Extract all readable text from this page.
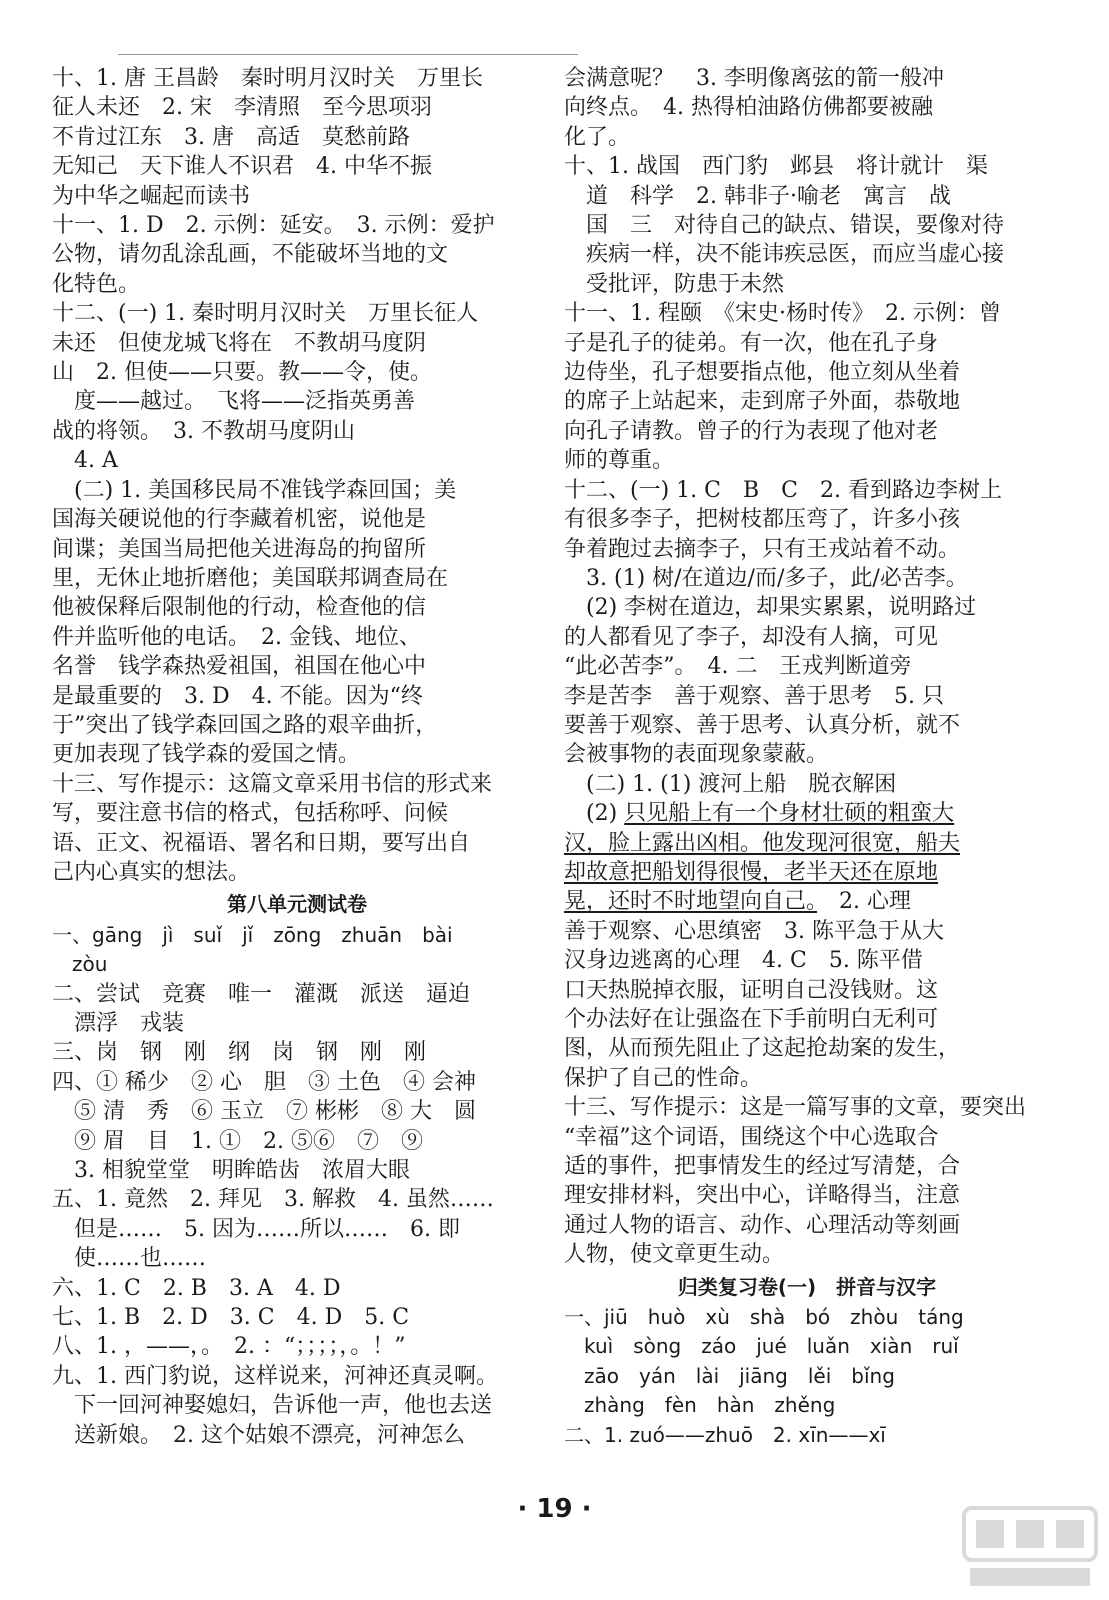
十、1. 唐 王昌龄　秦时明月汉时关　万里长
征人未还　2. 宋　李清照　至今思项羽
不肯过江东　3. 唐　高适　莫愁前路
无知己　天下谁人不识君　4. 中华不振
为中华之崛起而读书
十一、1. D　2. 示例：延安。　3. 示例：爱护
公物，请勿乱涂乱画，不能破坏当地的文
化特色。
十二、(一) 1. 秦时明月汉时关　万里长征人
未还　但使龙城飞将在　不教胡马度阴
山　2. 但使——只要。教——令，使。
　度——越过。　飞将——泛指英勇善
战的将领。　3. 不教胡马度阴山
　4. A
　(二) 1. 美国移民局不准钱学森回国；美
国海关硬说他的行李藏着机密，说他是
间谍；美国当局把他关进海岛的拘留所
里，无休止地折磨他；美国联邦调查局在
他被保释后限制他的行动，检查他的信
件并监听他的电话。　2. 金钱、地位、
名誉　钱学森热爱祖国，祖国在他心中
是最重要的　3. D　4. 不能。因为“终
于”突出了钱学森回国之路的艰辛曲折，
更加表现了钱学森的爱国之情。
十三、写作提示：这篇文章采用书信的形式来
写，要注意书信的格式，包括称呼、问候
语、正文、祝福语、署名和日期，要写出自
己内心真实的想法。
第八单元测试卷
一、gāng　jì　suǐ　jǐ　zōng　zhuān　bài
　zòu
二、尝试　竞赛　唯一　灌溉　派送　逼迫
　漂浮　戎装
三、岗　钢　刚　纲　岗　钢　刚　刚
四、① 稀少　② 心　胆　③ 土色　④ 会神
　⑤ 清　秀　⑥ 玉立　⑦ 彬彬　⑧ 大　圆
　⑨ 眉　目　1. ①　2. ⑤⑥　⑦　⑨
　3. 相貌堂堂　明眸皓齿　浓眉大眼
五、1. 竟然　2. 拜见　3. 解救　4. 虽然……
　但是……　5. 因为……所以……　6. 即
　使……也……
六、1. C　2. B　3. A　4. D
七、1. B　2. D　3. C　4. D　5. C
八、1. ，——，。　2. ：“；；；；，。！”
九、1. 西门豹说，这样说来，河神还真灵啊。
　下一回河神娶媳妇，告诉他一声，他也去送
　送新娘。　2. 这个姑娘不漂亮，河神怎么
会满意呢？　3. 李明像离弦的箭一般冲
向终点。　4. 热得柏油路仿佛都要被融
化了。
十、1. 战国　西门豹　邺县　将计就计　渠
　道　科学　2. 韩非子·喻老　寓言　战
　国　三　对待自己的缺点、错误，要像对待
　疾病一样，决不能讳疾忌医，而应当虚心接
　受批评，防患于未然
十一、1. 程颐　《宋史·杨时传》　2. 示例：曾
子是孔子的徒弟。有一次，他在孔子身
边侍坐，孔子想要指点他，他立刻从坐着
的席子上站起来，走到席子外面，恭敬地
向孔子请教。曾子的行为表现了他对老
师的尊重。
十二、(一) 1. C　B　C　2. 看到路边李树上
有很多李子，把树枝都压弯了，许多小孩
争着跑过去摘李子，只有王戎站着不动。
　3. (1) 树/在道边/而/多子，此/必苦李。
　(2) 李树在道边，却果实累累，说明路过
的人都看见了李子，却没有人摘，可见
“此必苦李”。　4. 二　王戎判断道旁
李是苦李　善于观察、善于思考　5. 只
要善于观察、善于思考、认真分析，就不
会被事物的表面现象蒙蔽。
　(二) 1. (1) 渡河上船　脱衣解困
　(2) 只见船上有一个身材壮硕的粗蛮大
汉，脸上露出凶相。他发现河很宽，船夫
却故意把船划得很慢，老半天还在原地
晃，还时不时地望向自己。　2. 心理
善于观察、心思缜密　3. 陈平急于从大
汉身边逃离的心理　4. C　5. 陈平借
口天热脱掉衣服，证明自己没钱财。这
个办法好在让强盗在下手前明白无利可
图，从而预先阻止了这起抢劫案的发生，
保护了自己的性命。
十三、写作提示：这是一篇写事的文章，要突出
“幸福”这个词语，围绕这个中心选取合
适的事件，把事情发生的经过写清楚，合
理安排材料，突出中心，详略得当，注意
通过人物的语言、动作、心理活动等刻画
人物，使文章更生动。
归类复习卷(一)　拼音与汉字
一、jiū　huò　xù　shà　bó　zhòu　táng
　kuì　sòng　záo　jué　luǎn　xiàn　ruǐ
　zāo　yán　lài　jiāng　lěi　bǐng
　zhàng　fèn　hàn　zhěng
二、1. zuó——zhuō　2. xīn——xī
· 19 ·
